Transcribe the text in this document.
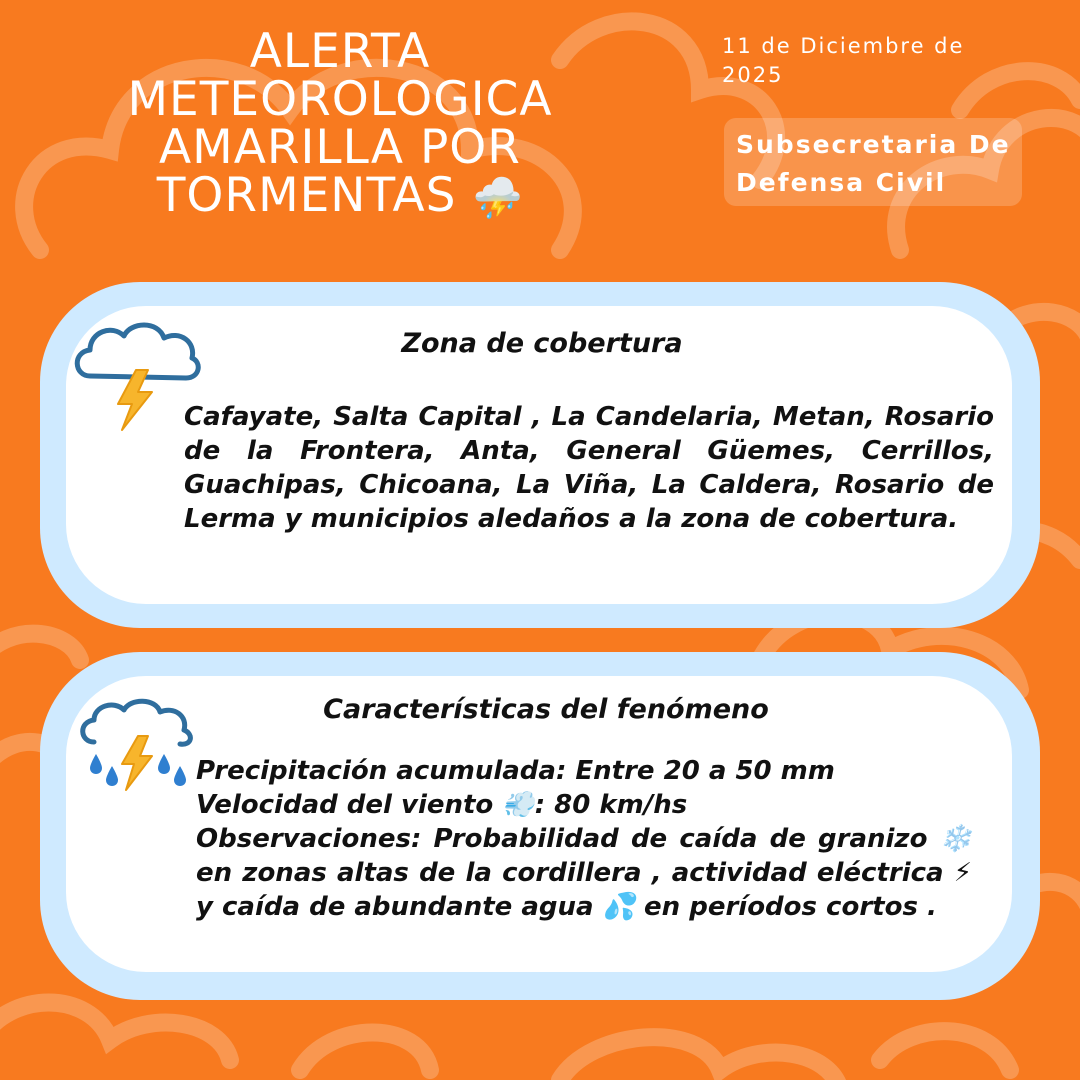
ALERTA
METEOROLOGICA
AMARILLA POR
TORMENTAS ⛈️
11 de Diciembre de 2025
Subsecretaria De Defensa Civil
Zona de cobertura
Cafayate, Salta Capital , La Candelaria, Metan, Rosario de la Frontera, Anta, General Güemes, Cerrillos, Guachipas, Chicoana, La Viña, La Caldera, Rosario de Lerma y municipios aledaños a la zona de cobertura.
Características del fenómeno
Precipitación acumulada: Entre 20 a 50 mm
Velocidad del viento 💨: 80 km/hs
Observaciones: Probabilidad de caída de granizo ❄️ en zonas altas de la cordillera , actividad eléctrica ⚡ y caída de abundante agua 💦 en períodos cortos .
